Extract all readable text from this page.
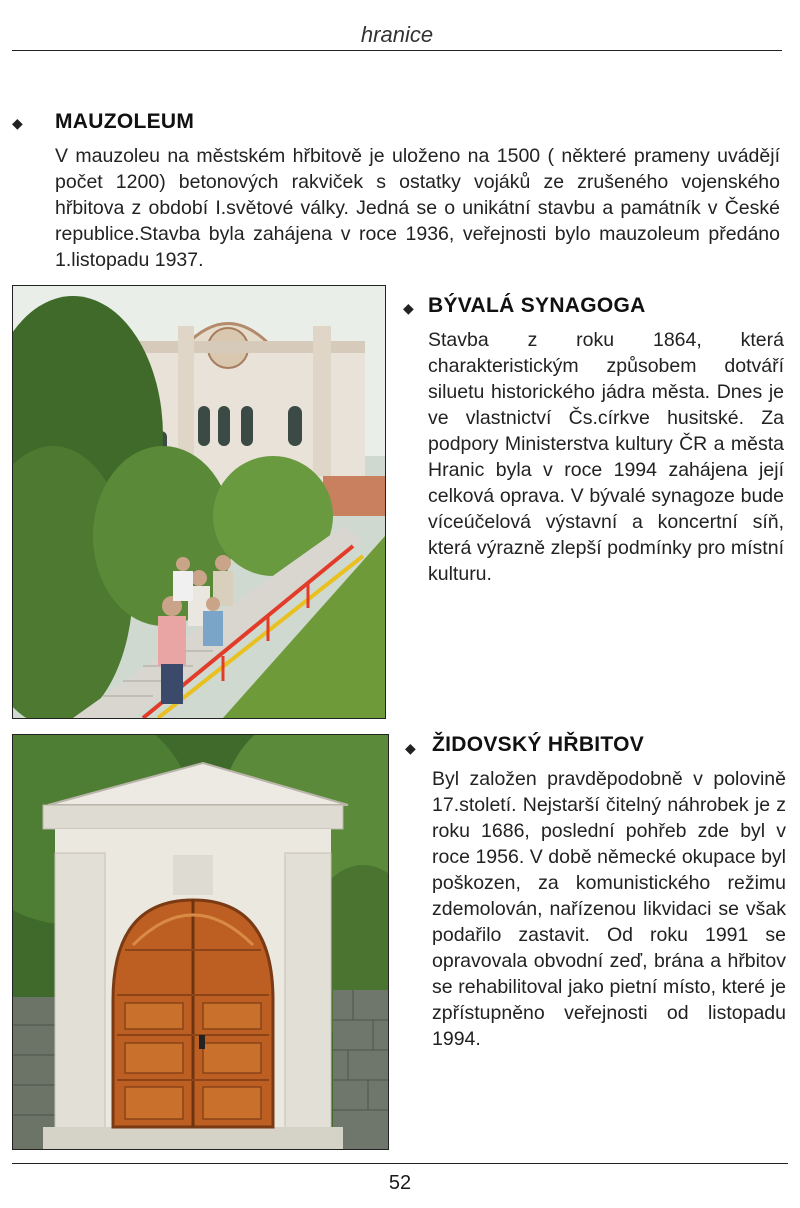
hranice
◆ MAUZOLEUM
V mauzoleu na městském hřbitově je uloženo na 1500 ( některé prameny uvádějí počet 1200) betonových rakviček s ostatky vojáků ze zrušeného vojenského hřbitova z období I.světové války. Jedná se o unikátní stavbu a památník v České republice.Stavba byla zahájena v roce 1936, veřejnosti bylo mauzoleum předáno 1.listopadu 1937.
◆ BÝVALÁ SYNAGOGA
Stavba z roku 1864, která charakteristickým způsobem dotváří siluetu historického jádra města. Dnes je ve vlastnictví Čs.církve husitské. Za podpory Ministerstva kultury ČR a města Hranic byla v roce 1994 zahájena její celková oprava. V bývalé synagoze bude víceúčelová výstavní a koncertní síň, která výrazně zlepší podmínky pro místní kulturu.
◆ ŽIDOVSKÝ HŘBITOV
Byl založen pravděpodobně v polovině 17.století. Nejstarší čitelný náhrobek je z roku 1686, poslední pohřeb zde byl v roce 1956. V době německé okupace byl poškozen, za komunistického režimu zdemolován, nařízenou likvidaci se však podařilo zastavit. Od roku 1991 se opravovala obvodní zeď, brána a hřbitov se rehabilitoval jako pietní místo, které je zpřístupněno veřejnosti od listopadu 1994.
52
